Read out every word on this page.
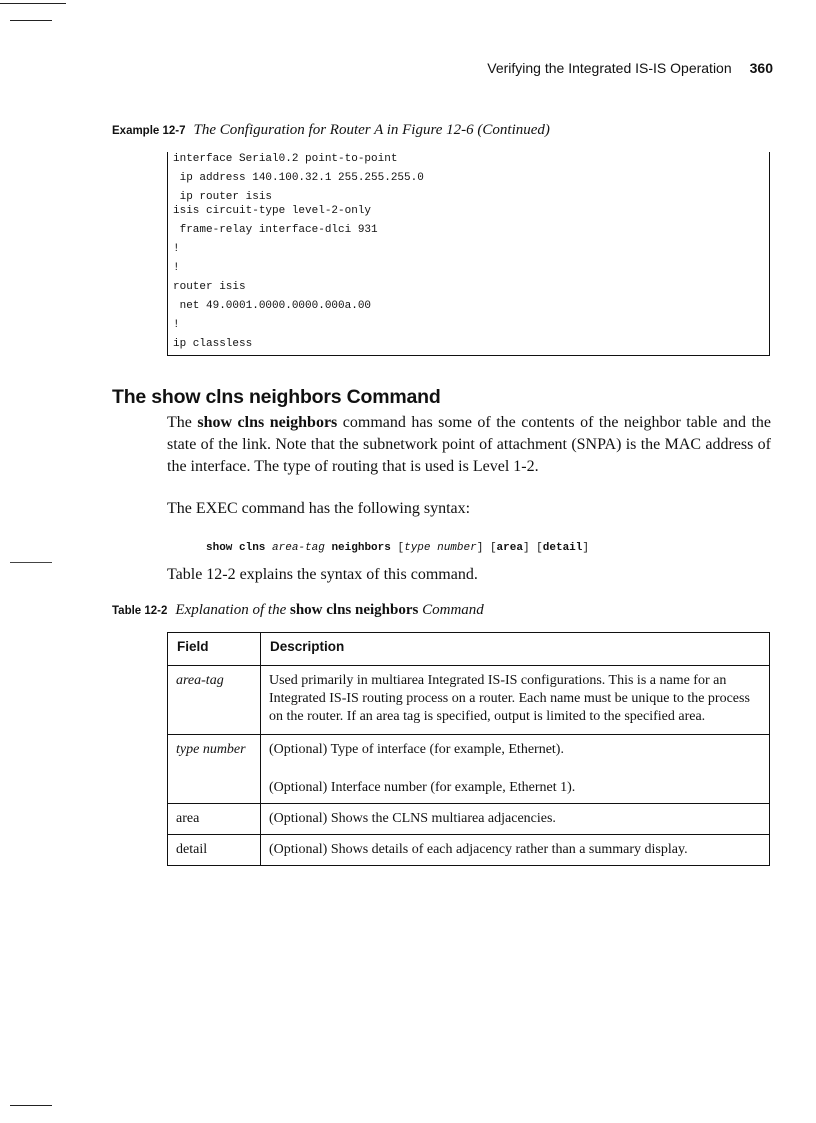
Verifying the Integrated IS-IS Operation 360
Example 12-7 The Configuration for Router A in Figure 12-6 (Continued)
interface Serial0.2 point-to-point
ip address 140.100.32.1 255.255.255.0
ip router isis
isis circuit-type level-2-only
frame-relay interface-dlci 931
!
!
router isis
net 49.0001.0000.0000.000a.00
!
ip classless
The show clns neighbors Command
The show clns neighbors command has some of the contents of the neighbor table and the state of the link. Note that the subnetwork point of attachment (SNPA) is the MAC address of the interface. The type of routing that is used is Level 1-2.
The EXEC command has the following syntax:
show clns area-tag neighbors [type number] [area] [detail]
Table 12-2 explains the syntax of this command.
Table 12-2 Explanation of the show clns neighbors Command
Field	Description
area-tag	Used primarily in multiarea Integrated IS-IS configurations. This is a name for an Integrated IS-IS routing process on a router. Each name must be unique to the process on the router. If an area tag is specified, output is limited to the specified area.
type number	(Optional) Type of interface (for example, Ethernet).
(Optional) Interface number (for example, Ethernet 1).

area	(Optional) Shows the CLNS multiarea adjacencies.
detail	(Optional) Shows details of each adjacency rather than a summary display.
